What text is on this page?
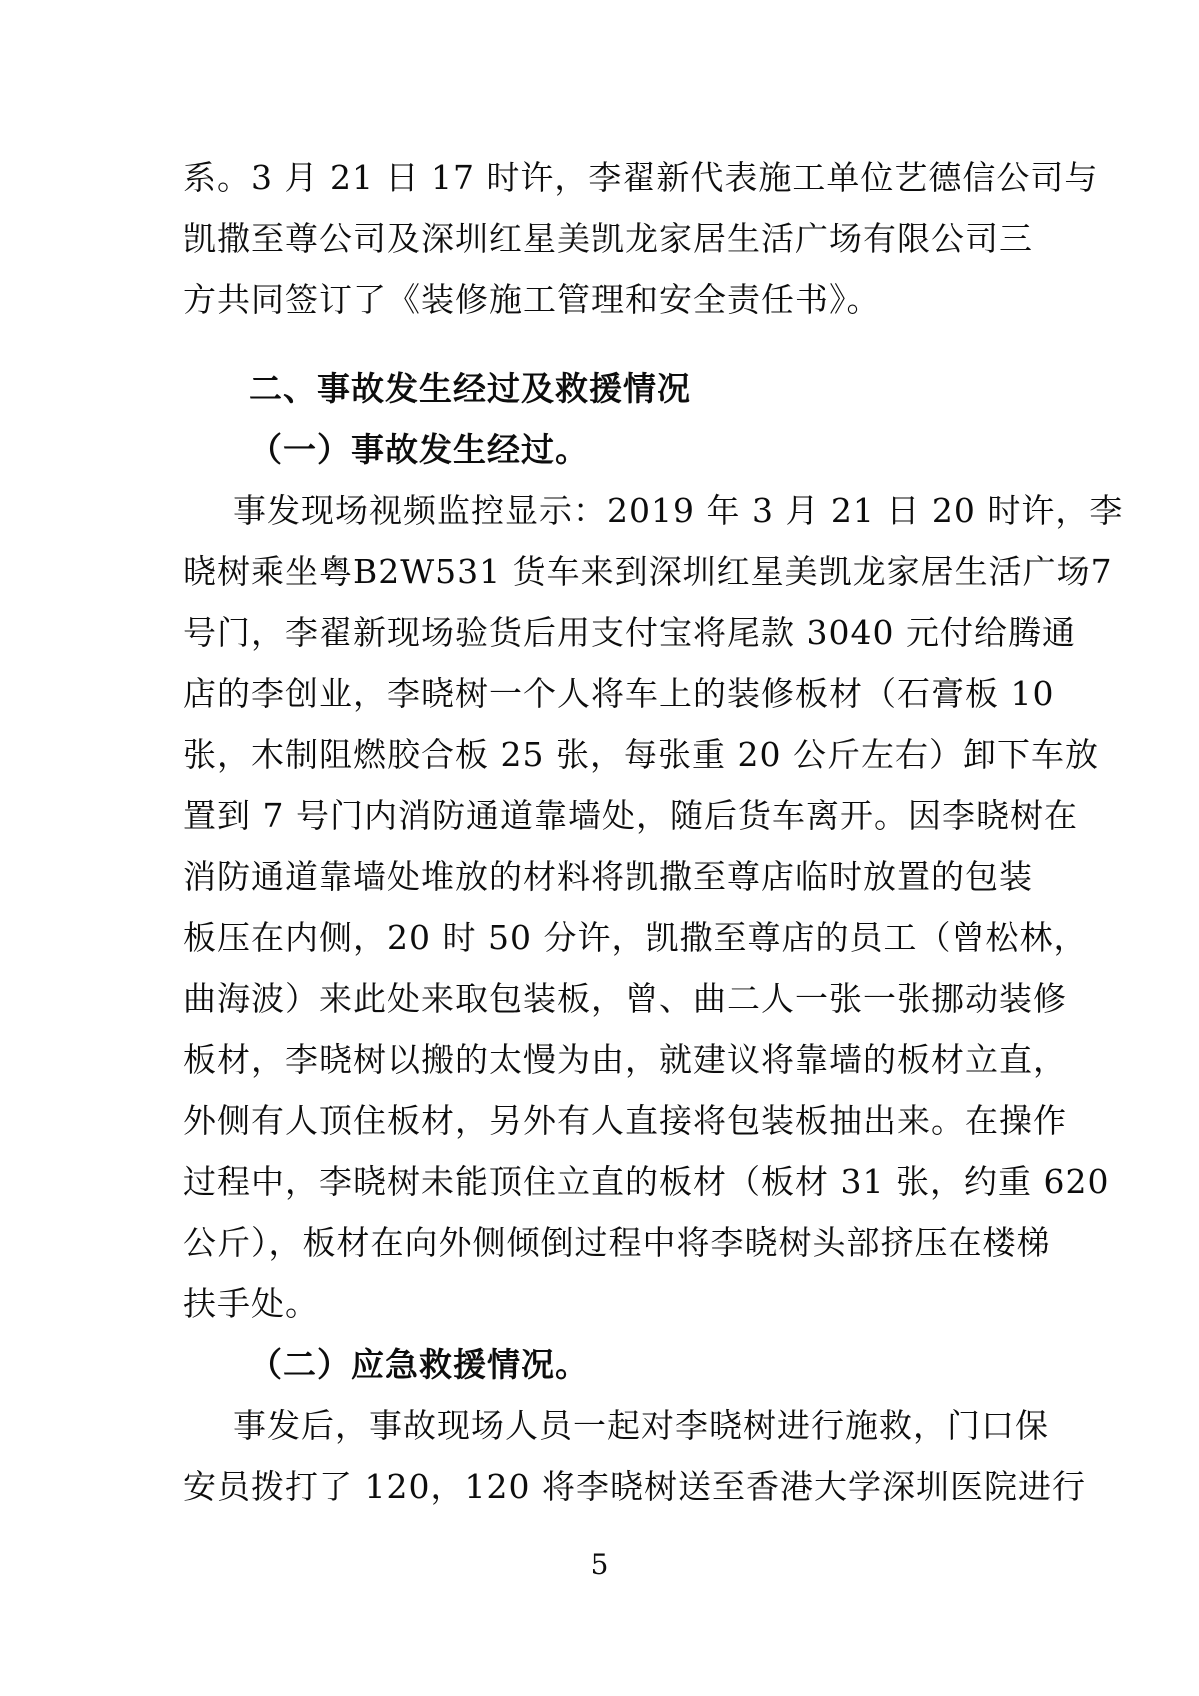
系。3 月 21 日 17 时许，李翟新代表施工单位艺德信公司与
凯撒至尊公司及深圳红星美凯龙家居生活广场有限公司三
方共同签订了《装修施工管理和安全责任书》。
二、事故发生经过及救援情况
（一）事故发生经过。
事发现场视频监控显示：2019 年 3 月 21 日 20 时许，李
晓树乘坐粤B2W531 货车来到深圳红星美凯龙家居生活广场7
号门，李翟新现场验货后用支付宝将尾款 3040 元付给腾通
店的李创业，李晓树一个人将车上的装修板材（石膏板 10
张，木制阻燃胶合板 25 张，每张重 20 公斤左右）卸下车放
置到 7 号门内消防通道靠墙处，随后货车离开。因李晓树在
消防通道靠墙处堆放的材料将凯撒至尊店临时放置的包装
板压在内侧，20 时 50 分许，凯撒至尊店的员工（曾松林，
曲海波）来此处来取包装板，曾、曲二人一张一张挪动装修
板材，李晓树以搬的太慢为由，就建议将靠墙的板材立直，
外侧有人顶住板材，另外有人直接将包装板抽出来。在操作
过程中，李晓树未能顶住立直的板材（板材 31 张，约重 620
公斤），板材在向外侧倾倒过程中将李晓树头部挤压在楼梯
扶手处。
（二）应急救援情况。
事发后，事故现场人员一起对李晓树进行施救，门口保
安员拨打了 120，120 将李晓树送至香港大学深圳医院进行
5
